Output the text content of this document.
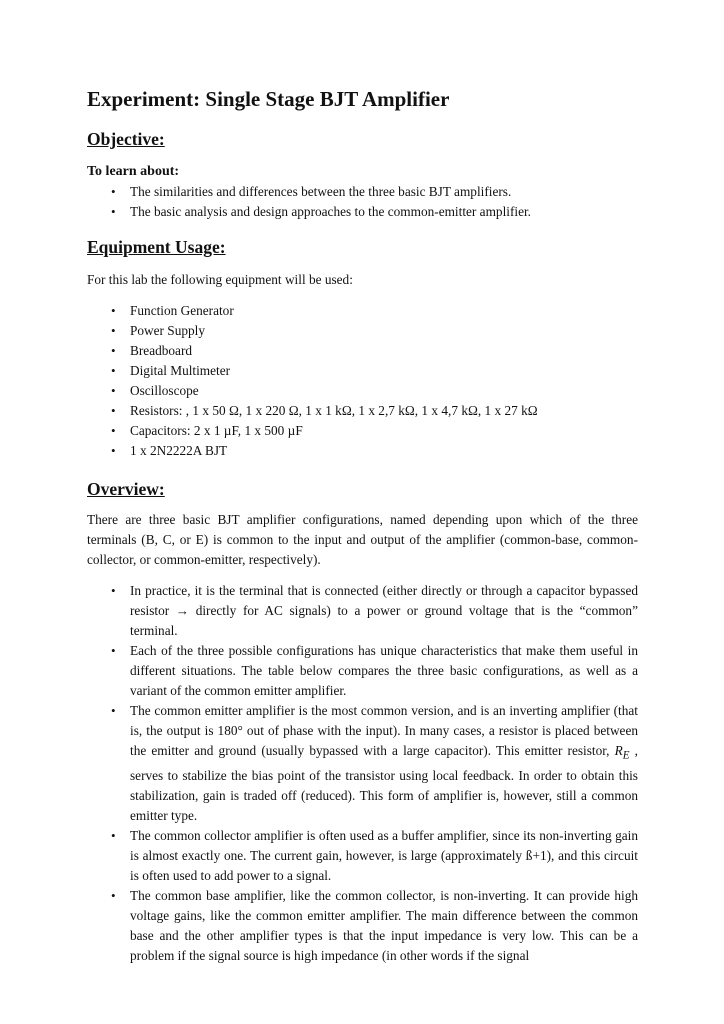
Experiment: Single Stage BJT Amplifier
Objective:

To learn about:

• The similarities and differences between the three basic BJT amplifiers.
• The basic analysis and design approaches to the common-emitter amplifier.
Equipment Usage:

For this lab the following equipment will be used:

• Function Generator
• Power Supply
• Breadboard
• Digital Multimeter
• Oscilloscope
• Resistors: , 1 x 50 Ω, 1 x 220 Ω, 1 x 1 kΩ, 1 x 2,7 kΩ, 1 x 4,7 kΩ, 1 x 27 kΩ
• Capacitors: 2 x 1 µF, 1 x 500 µF
• 1 x 2N2222A BJT
Overview:

There are three basic BJT amplifier configurations, named depending upon which of the three terminals (B, C, or E) is common to the input and output of the amplifier (common-base, common-collector, or common-emitter, respectively).

• In practice, it is the terminal that is connected (either directly or through a capacitor bypassed resistor → directly for AC signals) to a power or ground voltage that is the “common” terminal.
• Each of the three possible configurations has unique characteristics that make them useful in different situations. The table below compares the three basic configurations, as well as a variant of the common emitter amplifier.
• The common emitter amplifier is the most common version, and is an inverting amplifier (that is, the output is 180° out of phase with the input). In many cases, a resistor is placed between the emitter and ground (usually bypassed with a large capacitor). This emitter resistor, $R_E$ , serves to stabilize the bias point of the transistor using local feedback. In order to obtain this stabilization, gain is traded off (reduced). This form of amplifier is, however, still a common emitter type.
• The common collector amplifier is often used as a buffer amplifier, since its non-inverting gain is almost exactly one. The current gain, however, is large (approximately ß+1), and this circuit is often used to add power to a signal.
• The common base amplifier, like the common collector, is non-inverting. It can provide high voltage gains, like the common emitter amplifier. The main difference between the common base and the other amplifier types is that the input impedance is very low. This can be a problem if the signal source is high impedance (in other words if the signal
